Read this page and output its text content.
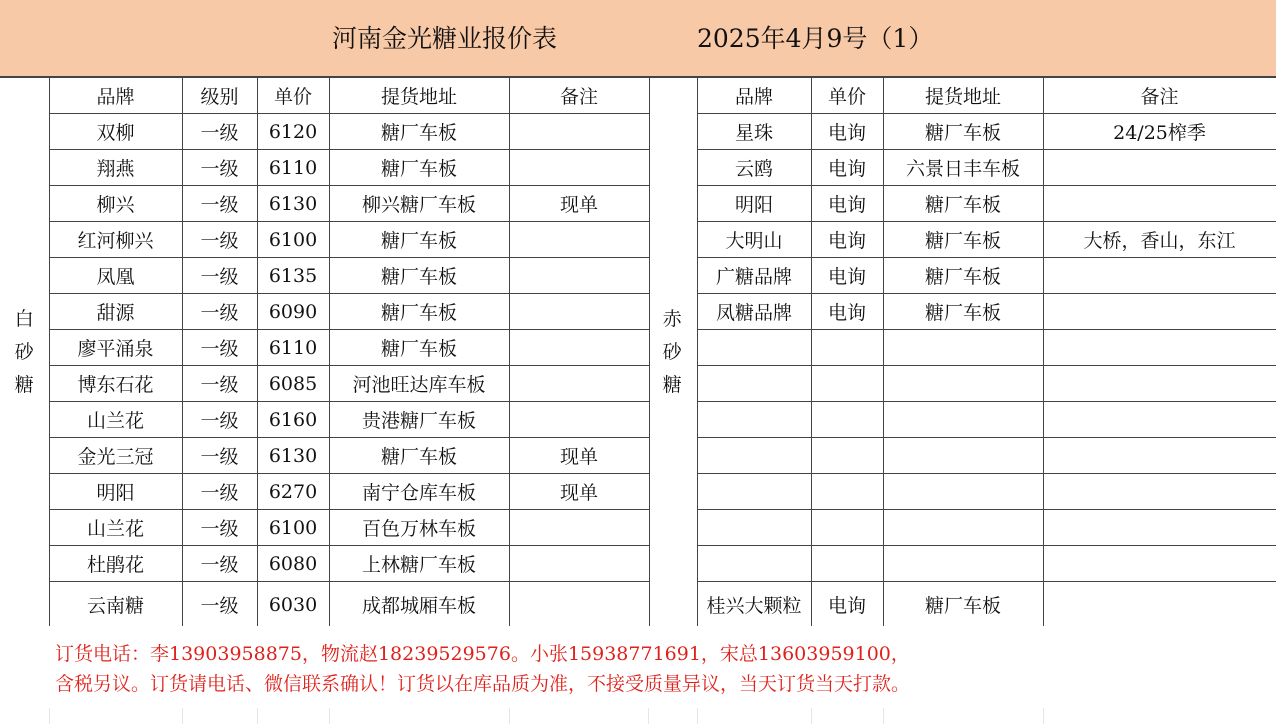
河南金光糖业报价表	2025年4月9号（1）
白
砂
糖	品牌	级别	单价	提货地址	备注
	双柳	一级	6120	糖厂车板	
	翔燕	一级	6110	糖厂车板	
	柳兴	一级	6130	柳兴糖厂车板	现单
	红河柳兴	一级	6100	糖厂车板	
	凤凰	一级	6135	糖厂车板	
	甜源	一级	6090	糖厂车板	
	廖平涌泉	一级	6110	糖厂车板	
	博东石花	一级	6085	河池旺达库车板	
	山兰花	一级	6160	贵港糖厂车板	
	金光三冠	一级	6130	糖厂车板	现单
	明阳	一级	6270	南宁仓库车板	现单
	山兰花	一级	6100	百色万林车板	
	杜鹃花	一级	6080	上林糖厂车板	
	云南糖	一级	6030	成都城厢车板	
赤
砂
糖	品牌	单价	提货地址	备注
	星珠	电询	糖厂车板	24/25榨季
	云鸥	电询	六景日丰车板	
	明阳	电询	糖厂车板	
	大明山	电询	糖厂车板	大桥，香山，东江
	广糖品牌	电询	糖厂车板	
	凤糖品牌	电询	糖厂车板	

	桂兴大颗粒	电询	糖厂车板	
订货电话：李13903958875，物流赵18239529576。小张15938771691，宋总13603959100，
含税另议。订货请电话、微信联系确认！订货以在库品质为准，不接受质量异议，当天订货当天打款。
